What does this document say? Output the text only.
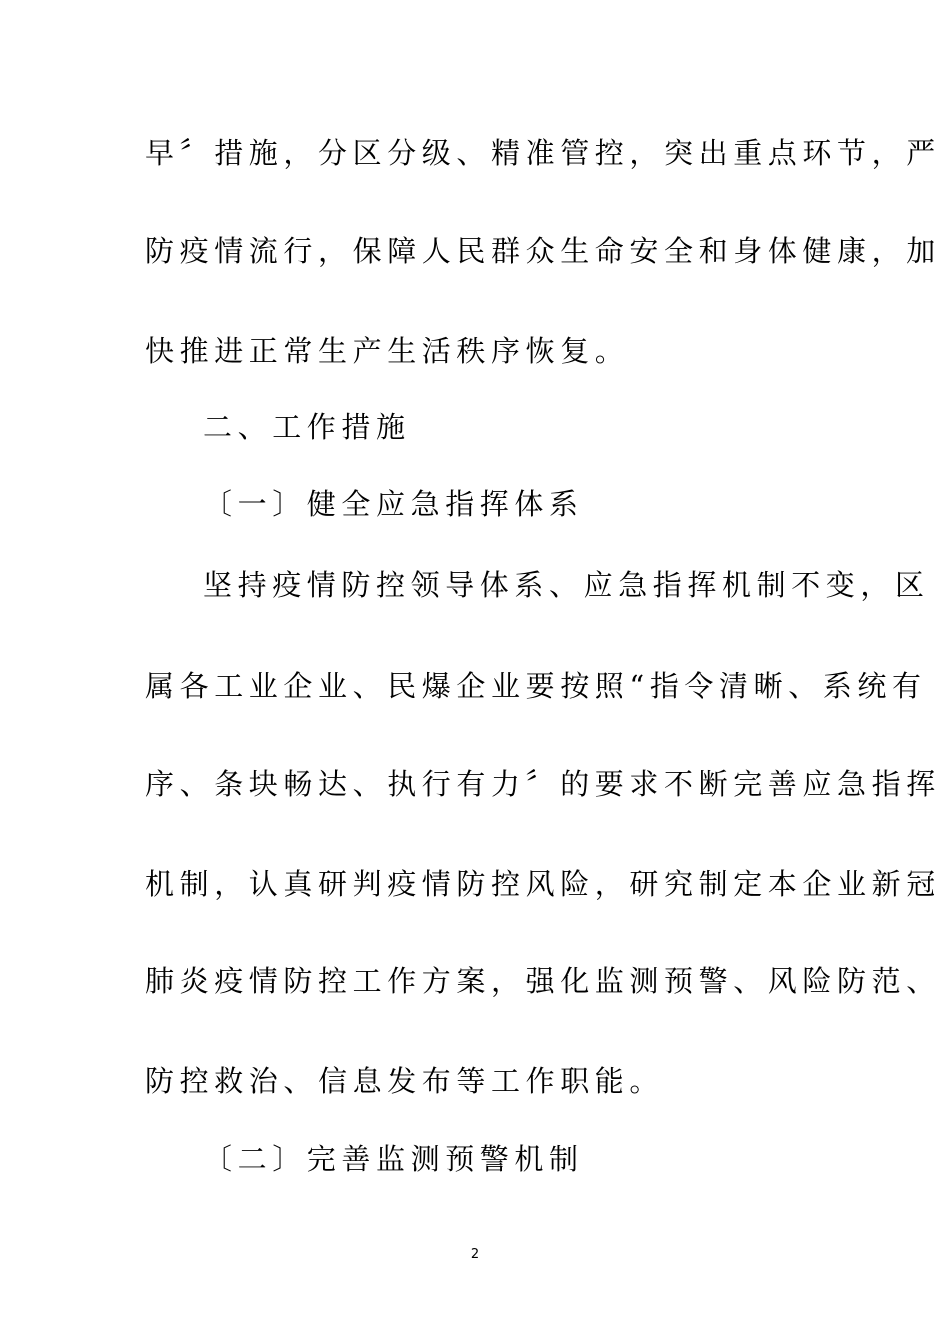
早〞措施，分区分级、精准管控，突出重点环节，严
防疫情流行，保障人民群众生命安全和身体健康，加
快推进正常生产生活秩序恢复。
二、工作措施
〔一〕健全应急指挥体系
坚持疫情防控领导体系、应急指挥机制不变，区
属各工业企业、民爆企业要按照“指令清晰、系统有
序、条块畅达、执行有力〞的要求不断完善应急指挥
机制，认真研判疫情防控风险，研究制定本企业新冠
肺炎疫情防控工作方案，强化监测预警、风险防范、
防控救治、信息发布等工作职能。
〔二〕完善监测预警机制
2
